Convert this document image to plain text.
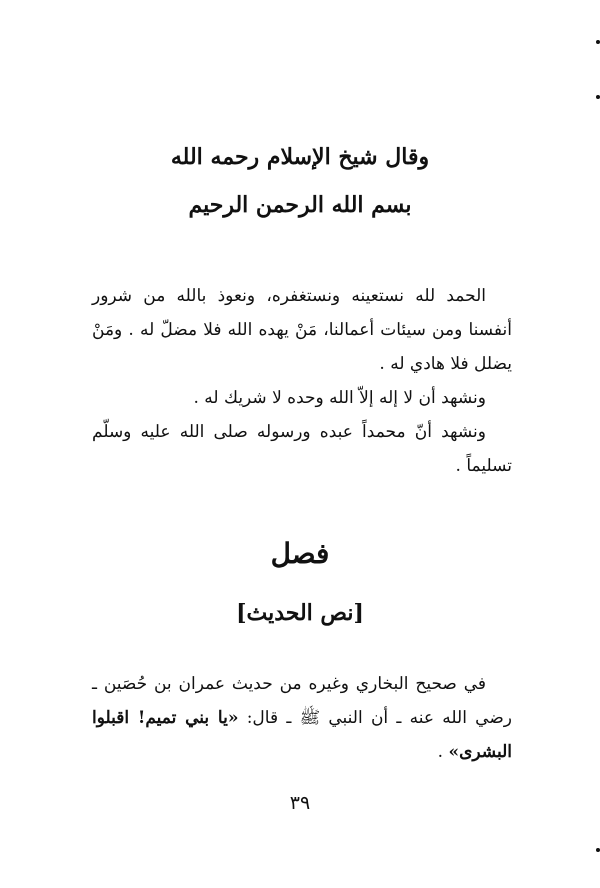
وقال شيخ الإسلام رحمه الله
بسم الله الرحمن الرحيم

الحمد لله نستعينه ونستغفره، ونعوذ بالله من شرور أنفسنا ومن سيئات أعمالنا، مَنْ يهده الله فلا مضلّ له . ومَنْ يضلل فلا هادي له .

ونشهد أن لا إله إلاّ الله وحده لا شريك له .

ونشهد أنّ محمداً عبده ورسوله صلى الله عليه وسلّم تسليماً .

فصل
[نص الحديث]

في صحيح البخاري وغيره من حديث عمران بن حُصَين ـ رضي الله عنه ـ أن النبي ﷺ ـ قال: «يا بني تميم! اقبلوا البشرى» .

٣٩
